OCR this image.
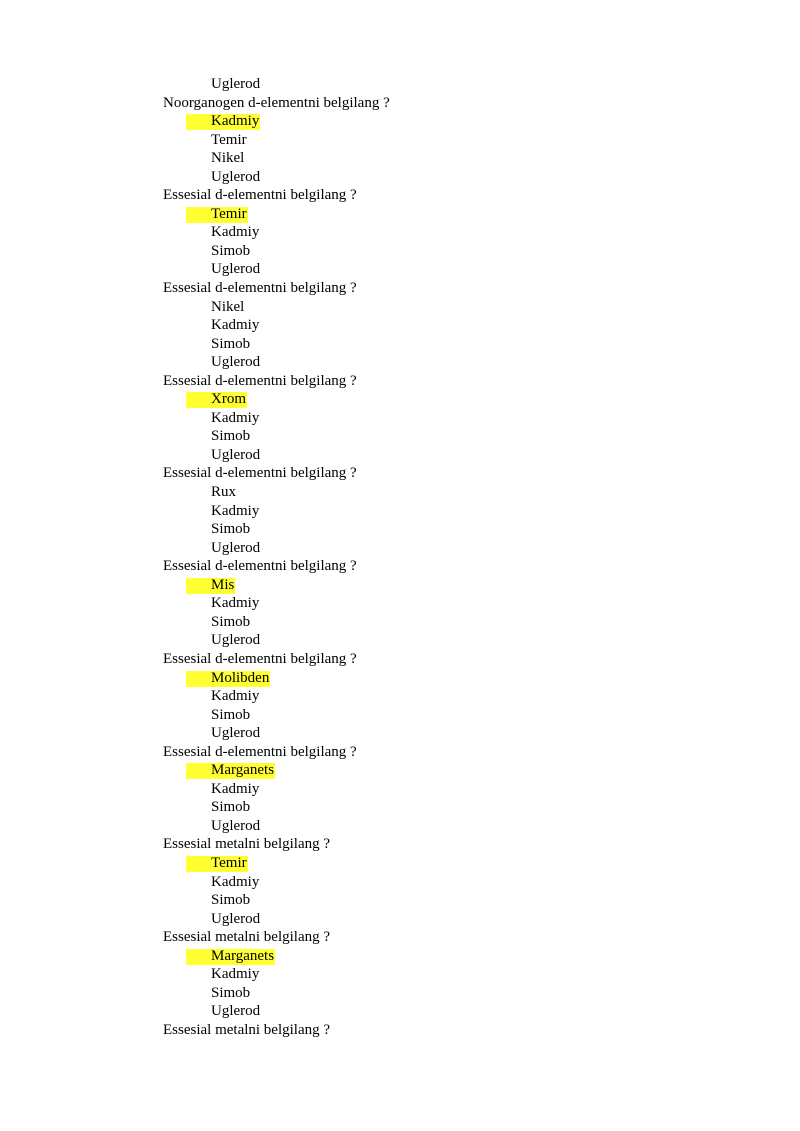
Uglerod
Noorganogen d-elementni belgilang ?
Kadmiy
Temir
Nikel
Uglerod
Essesial d-elementni belgilang ?
Temir
Kadmiy
Simob
Uglerod
Essesial d-elementni belgilang ?
Nikel
Kadmiy
Simob
Uglerod
Essesial d-elementni belgilang ?
Xrom
Kadmiy
Simob
Uglerod
Essesial d-elementni belgilang ?
Rux
Kadmiy
Simob
Uglerod
Essesial d-elementni belgilang ?
Mis
Kadmiy
Simob
Uglerod
Essesial d-elementni belgilang ?
Molibden
Kadmiy
Simob
Uglerod
Essesial d-elementni belgilang ?
Marganets
Kadmiy
Simob
Uglerod
Essesial metalni belgilang ?
Temir
Kadmiy
Simob
Uglerod
Essesial metalni belgilang ?
Marganets
Kadmiy
Simob
Uglerod
Essesial metalni belgilang ?
